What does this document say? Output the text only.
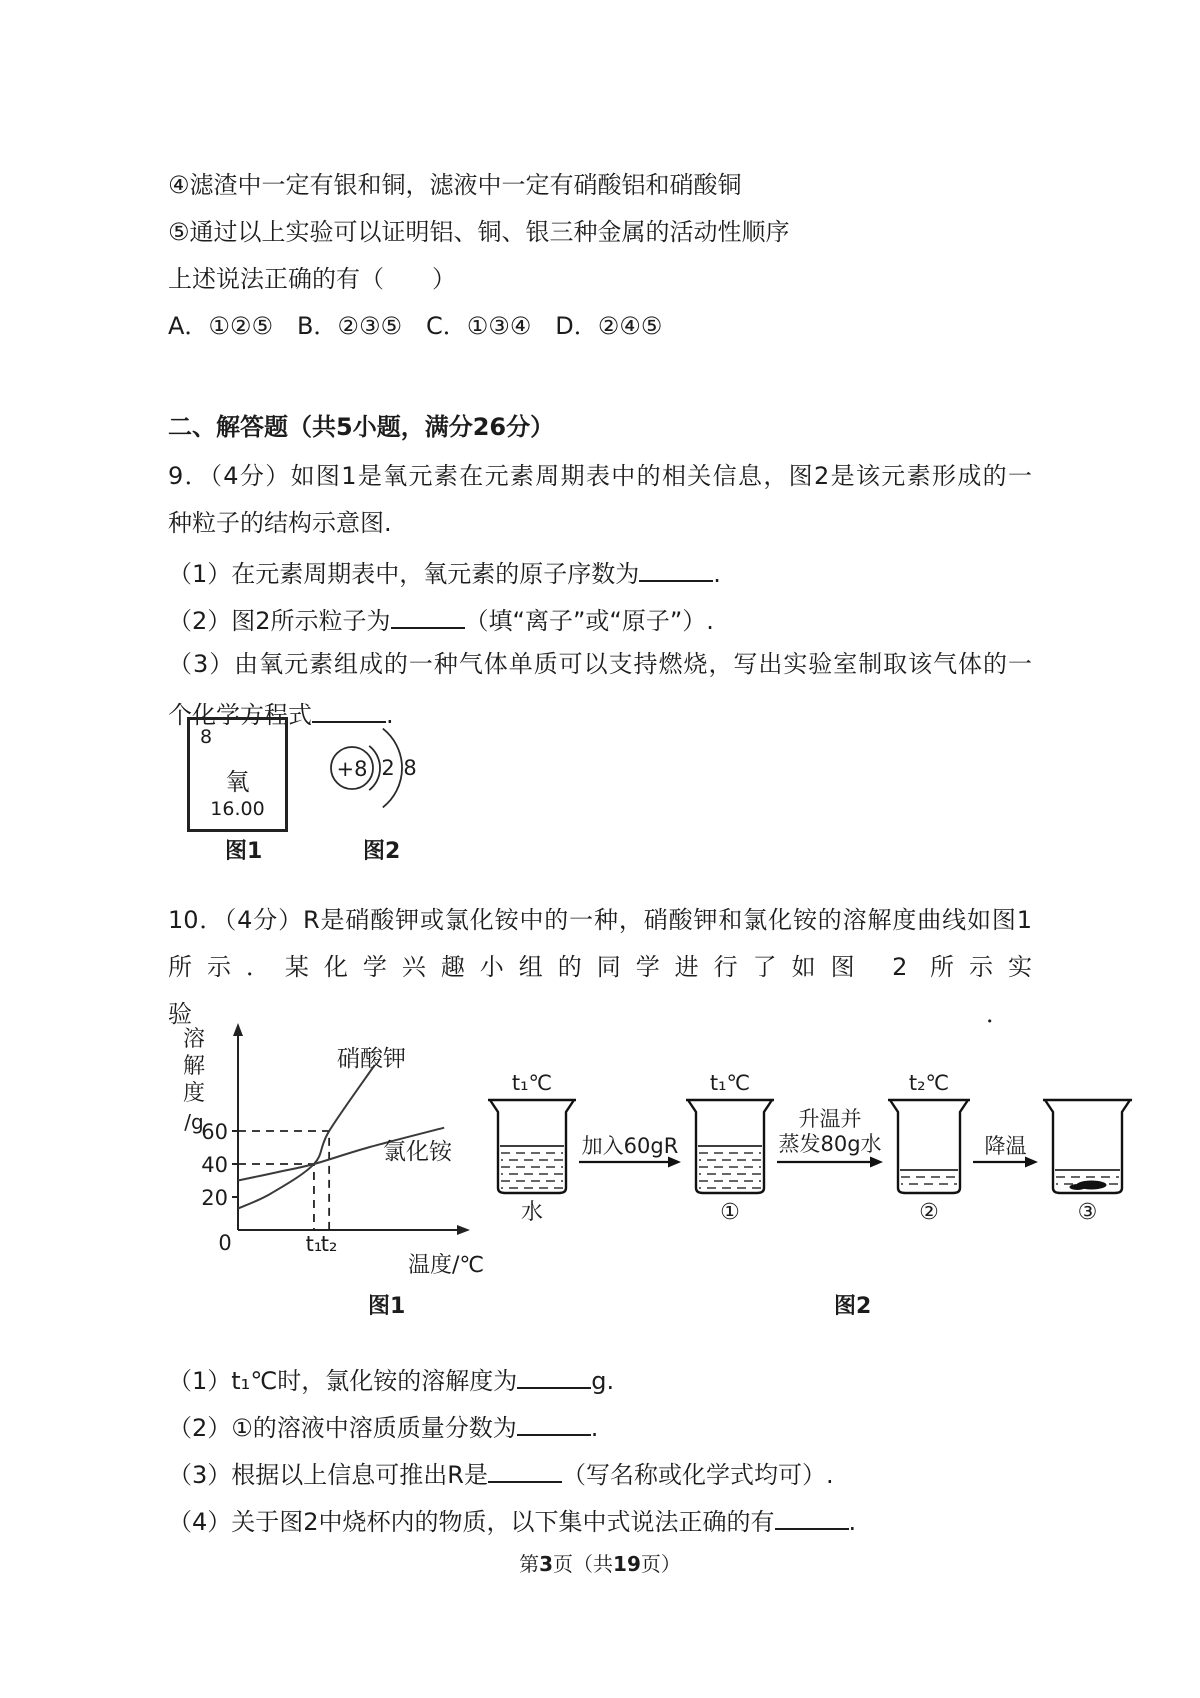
④滤渣中一定有银和铜，滤液中一定有硝酸铝和硝酸铜

⑤通过以上实验可以证明铝、铜、银三种金属的活动性顺序

上述说法正确的有（　　）

A．①②⑤　B．②③⑤　C．①③④　D．②④⑤

二、解答题（共5小题，满分26分）

9．（4分）如图1是氧元素在元素周期表中的相关信息，图2是该元素形成的一

种粒子的结构示意图.

（1）在元素周期表中，氧元素的原子序数为	.

（2）图2所示粒子为	（填“离子”或“原子”）.

（3）由氧元素组成的一种气体单质可以支持燃烧，写出实验室制取该气体的一

个化学方程式	.

8
氧
16.00
+8 2 8
图1	图2

10．（4分）R是硝酸钾或氯化铵中的一种，硝酸钾和氯化铵的溶解度曲线如图1

所示．某化学兴趣小组的同学进行了如图 2 所示实

验	．

溶解度
/g
20
40
60
0	t₁
t₂
硝酸钾
氯化铵
温度/℃
图1
t₁℃
水
t₁℃
①
t₂℃
②	③
加入60gR
升温并
蒸发80g水	降温
图2

（1）t₁℃时，氯化铵的溶解度为	g.

（2）①的溶液中溶质质量分数为	.

（3）根据以上信息可推出R是	（写名称或化学式均可）.

（4）关于图2中烧杯内的物质，以下集中式说法正确的有	.

第3页（共19页）
